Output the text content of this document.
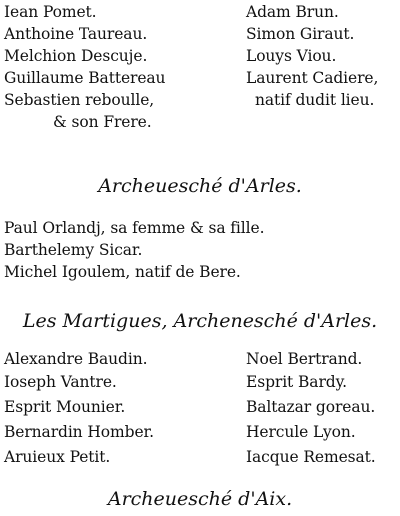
Iean Pomet.
Anthoine Taureau.
Melchion Descuje.
Guillaume Battereau
Sebastien reboulle,
& son Frere.
Adam Brun.
Simon Giraut.
Louys Viou.
Laurent Cadiere,
natif dudit lieu.
Archeuesché d'Arles.
Paul Orlandj, sa femme & sa fille.
Barthelemy Sicar.
Michel Igoulem, natif de Bere.
Les Martigues, Archenesché d'Arles.
Alexandre Baudin.
Ioseph Vantre.
Esprit Mounier.
Bernardin Homber.
Aruieux Petit.
Noel Bertrand.
Esprit Bardy.
Baltazar goreau.
Hercule Lyon.
Iacque Remesat.
Archeuesché d'Aix.
